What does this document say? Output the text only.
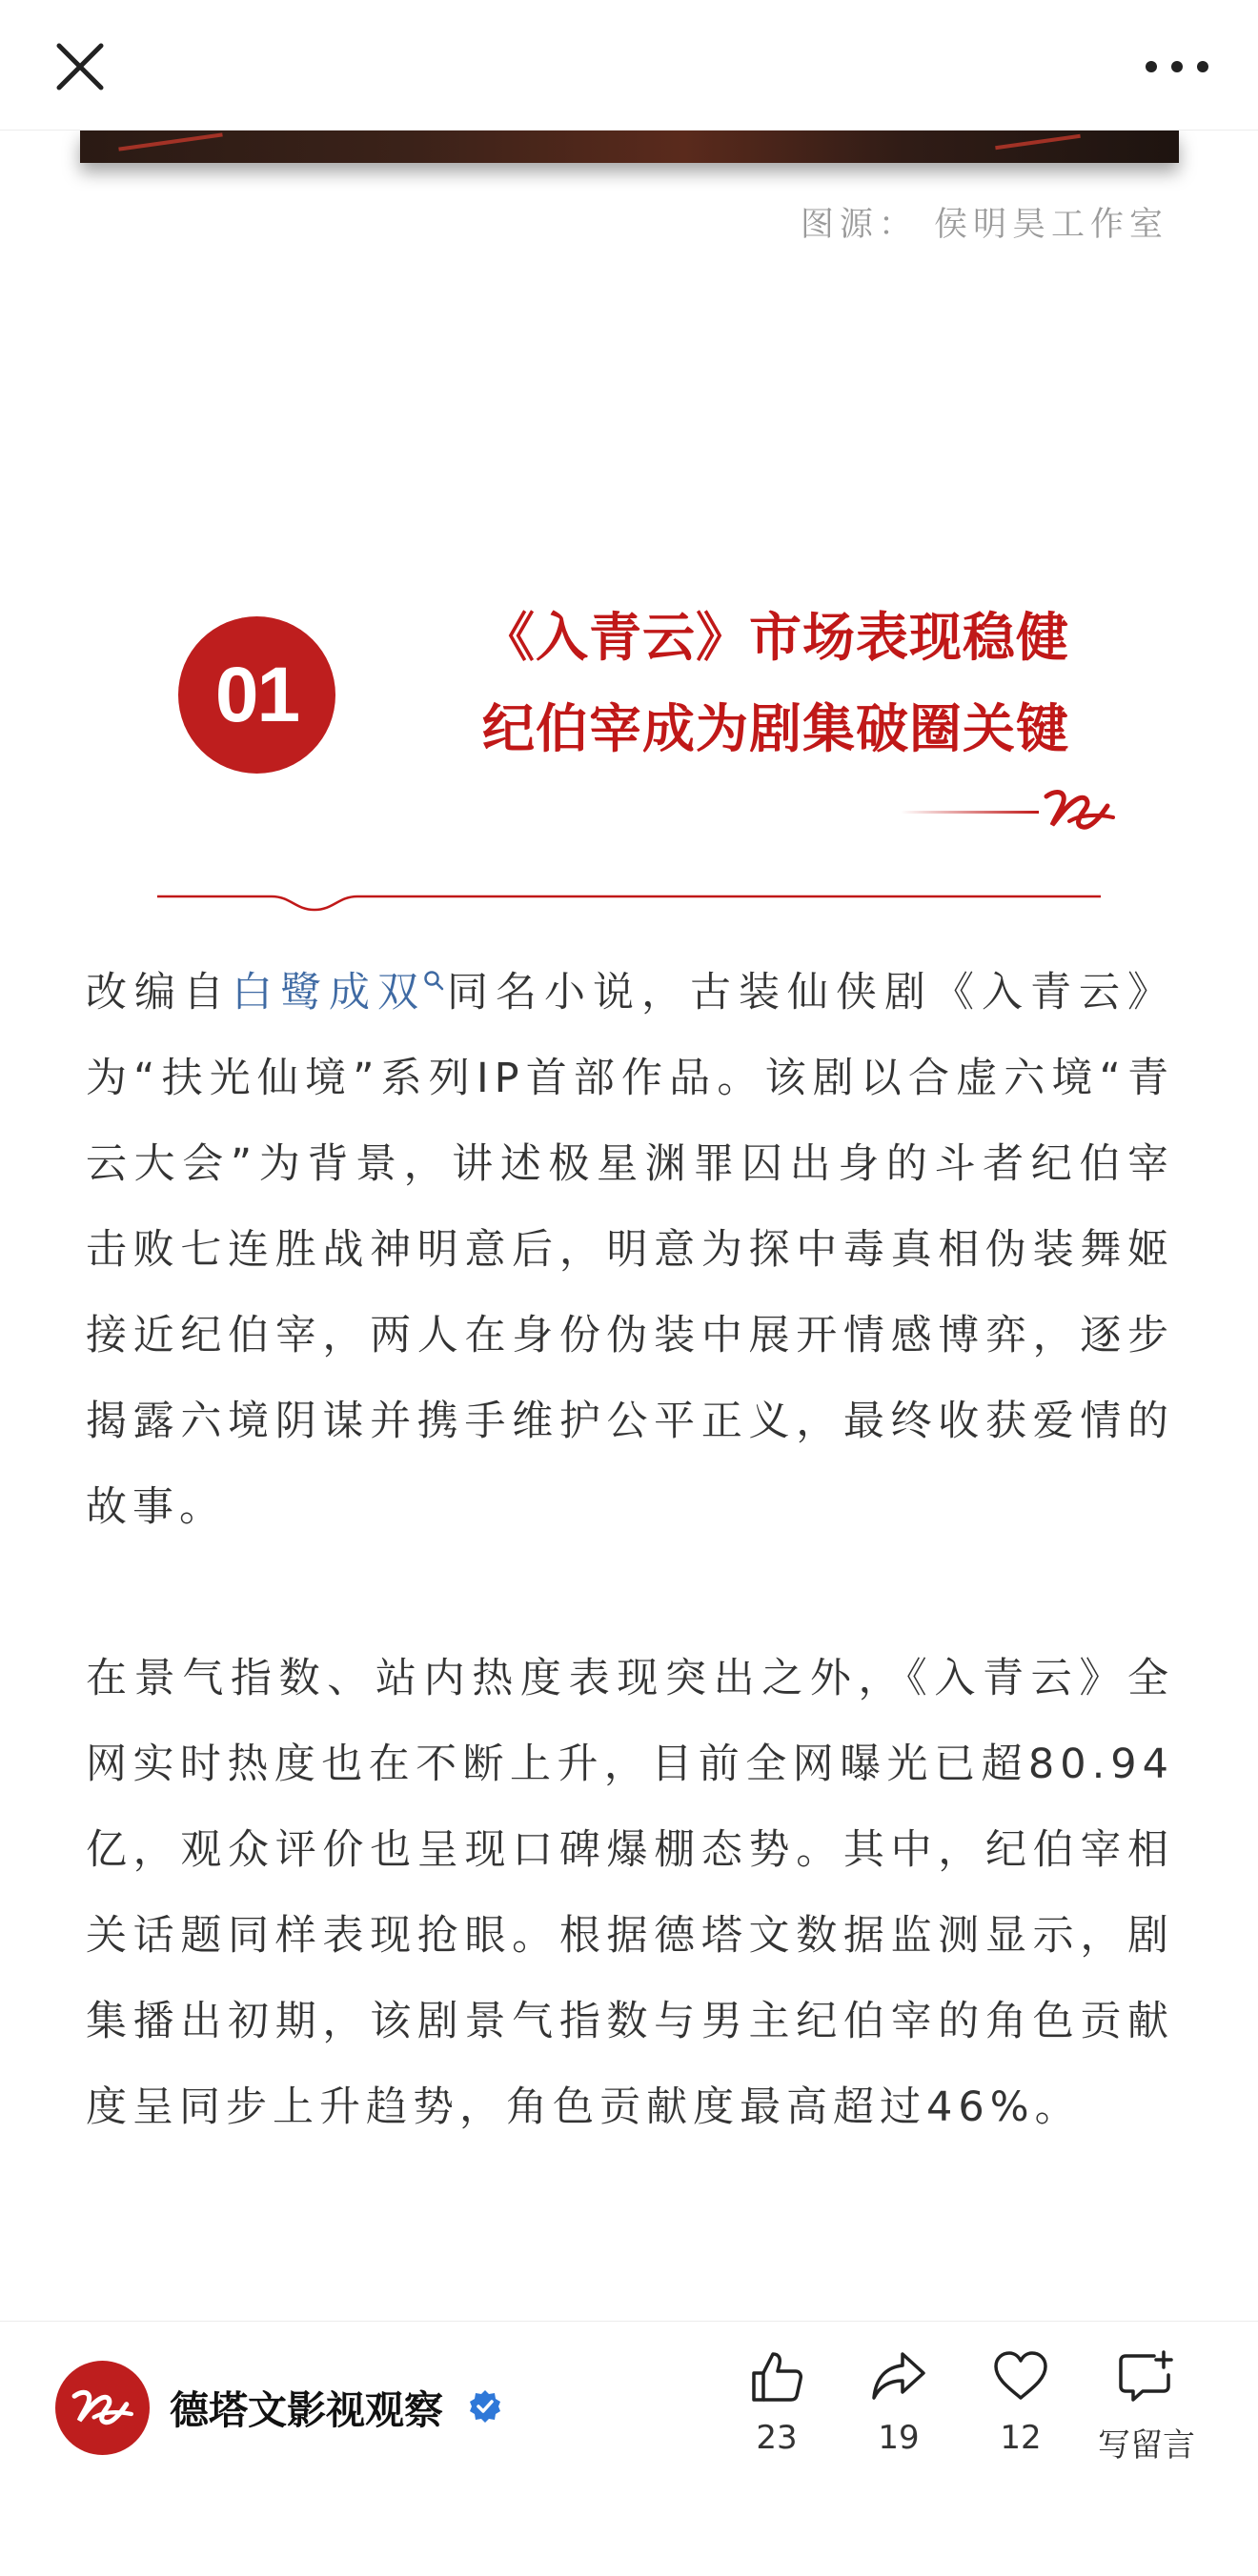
图源： 侯明昊工作室
01
《入青云》市场表现稳健
纪伯宰成为剧集破圈关键

改编自白鹭成双 同名小说，古装仙侠剧《入青云》为“扶光仙境”系列IP首部作品。该剧以合虚六境“青云大会”为背景，讲述极星渊罪囚出身的斗者纪伯宰击败七连胜战神明意后，明意为探中毒真相伪装舞姬接近纪伯宰，两人在身份伪装中展开情感博弈，逐步揭露六境阴谋并携手维护公平正义，最终收获爱情的故事。

在景气指数、站内热度表现突出之外，《入青云》全网实时热度也在不断上升，目前全网曝光已超80.94亿，观众评价也呈现口碑爆棚态势。其中，纪伯宰相关话题同样表现抢眼。根据德塔文数据监测显示，剧集播出初期，该剧景气指数与男主纪伯宰的角色贡献度呈同步上升趋势，角色贡献度最高超过46%。

德塔文影视观察
23	19	12	写留言
